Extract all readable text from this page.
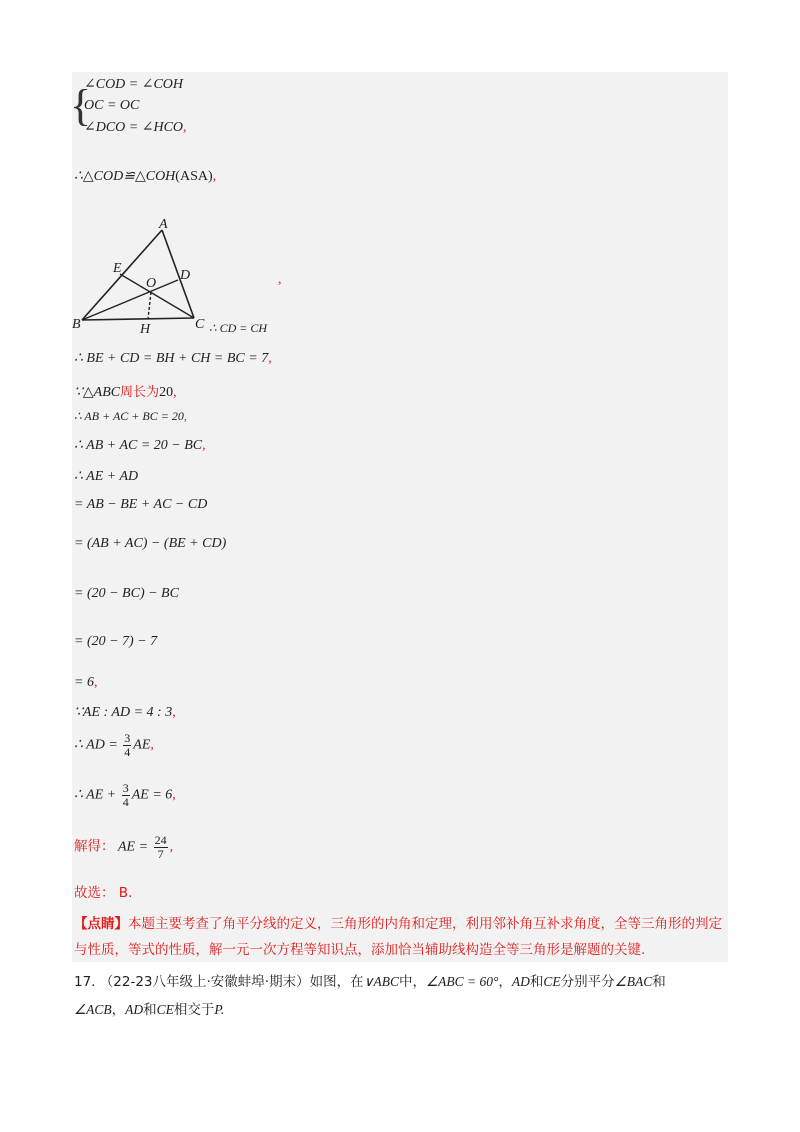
{
∠COD = ∠COH
OC = OC
∠DCO = ∠HCO,
∴△COD≌△COH(ASA),
A
E
O
D
B	H	C
,
∴ CD = CH
∴ BE + CD = BH + CH = BC = 7,
∵△ABC周长为20,
∴ AB + AC + BC = 20,
∴ AB + AC = 20 − BC,
∴ AE + AD
= AB − BE + AC − CD
= (AB + AC) − (BE + CD)
= (20 − BC) − BC
= (20 − 7) − 7
= 6,
∵AE : AD = 4 : 3,
∴ AD = $\frac{3}{4}$ AE,
∴ AE + $\frac{3}{4}$ AE = 6,
解得： AE = $\frac{24}{7}$ ,
故选： B.
【点睛】本题主要考查了角平分线的定义，三角形的内角和定理，利用邻补角互补求角度，全等三角形的判定与性质，等式的性质，解一元一次方程等知识点，添加恰当辅助线构造全等三角形是解题的关键.
17. （22-23八年级上·安徽蚌埠·期末）如图，在∨ABC中，∠ABC = 60°，AD和CE分别平分∠BAC和
∠ACB，AD和CE相交于P.
